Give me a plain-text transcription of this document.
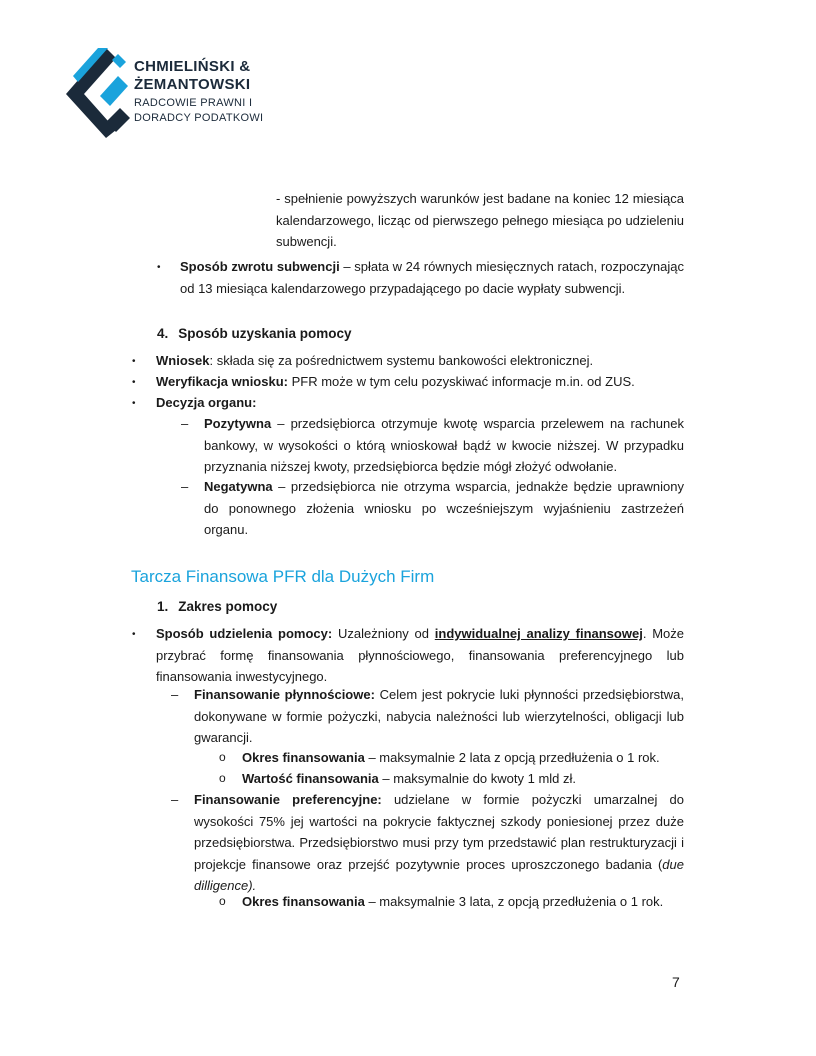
CHMIELIŃSKI &
ŻEMANTOWSKI
RADCOWIE PRAWNI I
DORADCY PODATKOWI
- spełnienie powyższych warunków jest badane na koniec 12 miesiąca kalendarzowego, licząc od pierwszego pełnego miesiąca po udzieleniu subwencji.
• Sposób zwrotu subwencji – spłata w 24 równych miesięcznych ratach, rozpoczynając od 13 miesiąca kalendarzowego przypadającego po dacie wypłaty subwencji.
4. Sposób uzyskania pomocy
• Wniosek: składa się za pośrednictwem systemu bankowości elektronicznej.
• Weryfikacja wniosku: PFR może w tym celu pozyskiwać informacje m.in. od ZUS.
• Decyzja organu:
– Pozytywna – przedsiębiorca otrzymuje kwotę wsparcia przelewem na rachunek bankowy, w wysokości o którą wnioskował bądź w kwocie niższej. W przypadku przyznania niższej kwoty, przedsiębiorca będzie mógł złożyć odwołanie.
– Negatywna – przedsiębiorca nie otrzyma wsparcia, jednakże będzie uprawniony do ponownego złożenia wniosku po wcześniejszym wyjaśnieniu zastrzeżeń organu.
Tarcza Finansowa PFR dla Dużych Firm
1. Zakres pomocy
• Sposób udzielenia pomocy: Uzależniony od indywidualnej analizy finansowej. Może przybrać formę finansowania płynnościowego, finansowania preferencyjnego lub finansowania inwestycyjnego.
– Finansowanie płynnościowe: Celem jest pokrycie luki płynności przedsiębiorstwa, dokonywane w formie pożyczki, nabycia należności lub wierzytelności, obligacji lub gwarancji.
o Okres finansowania – maksymalnie 2 lata z opcją przedłużenia o 1 rok.
o Wartość finansowania – maksymalnie do kwoty 1 mld zł.
– Finansowanie preferencyjne: udzielane w formie pożyczki umarzalnej do wysokości 75% jej wartości na pokrycie faktycznej szkody poniesionej przez duże przedsiębiorstwa. Przedsiębiorstwo musi przy tym przedstawić plan restrukturyzacji i projekcje finansowe oraz przejść pozytywnie proces uproszczonego badania (due dilligence).
o Okres finansowania – maksymalnie 3 lata, z opcją przedłużenia o 1 rok.
7
